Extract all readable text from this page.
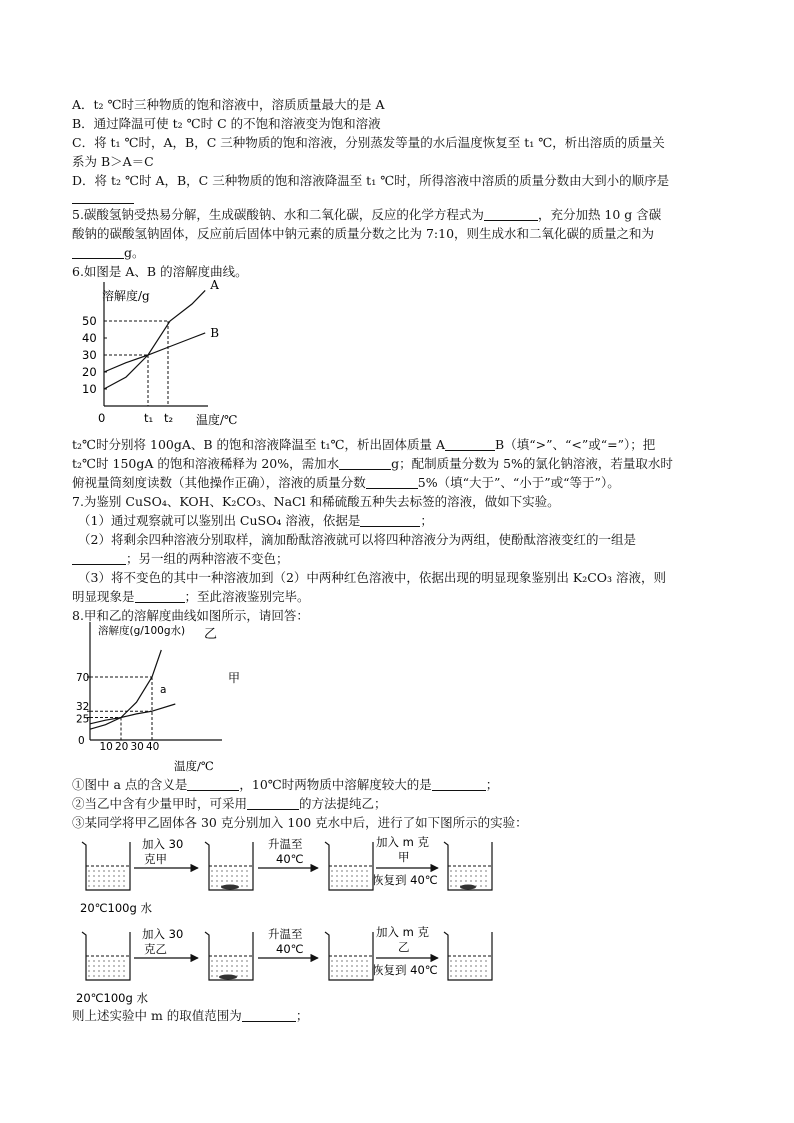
A．t₂ ℃时三种物质的饱和溶液中，溶质质量最大的是 A
B．通过降温可使 t₂ ℃时 C 的不饱和溶液变为饱和溶液
C．将 t₁ ℃时，A，B，C 三种物质的饱和溶液，分别蒸发等量的水后温度恢复至 t₁ ℃，析出溶质的质量关
系为 B＞A＝C
D．将 t₂ ℃时 A，B，C 三种物质的饱和溶液降温至 t₁ ℃时，所得溶液中溶质的质量分数由大到小的顺序是
5.碳酸氢钠受热易分解，生成碳酸钠、水和二氧化碳，反应的化学方程式为	，充分加热 10 g 含碳
酸钠的碳酸氢钠固体，反应前后固体中钠元素的质量分数之比为 7:10，则生成水和二氧化碳的质量之和为
g。
6.如图是 A、B 的溶解度曲线。
溶解度/g
温度/℃
50
40
30
20
10
0	t₁ t₂
A
B
t₂℃时分别将 100gA、B 的饱和溶液降温至 t₁℃，析出固体质量 A	B（填“>”、“<”或“=”）；把
t₂℃时 150gA 的饱和溶液稀释为 20%，需加水	g；配制质量分数为 5%的氯化钠溶液，若量取水时
俯视量筒刻度读数（其他操作正确），溶液的质量分数	5%（填“大于”、“小于”或“等于”）。
7.为鉴别 CuSO₄、KOH、K₂CO₃、NaCl 和稀硫酸五种失去标签的溶液，做如下实验。
（1）通过观察就可以鉴别出 CuSO₄ 溶液，依据是	；
（2）将剩余四种溶液分别取样，滴加酚酞溶液就可以将四种溶液分为两组，使酚酞溶液变红的一组是
；另一组的两种溶液不变色；
（3）将不变色的其中一种溶液加到（2）中两种红色溶液中，依据出现的明显现象鉴别出 K₂CO₃ 溶液，则
明显现象是	；至此溶液鉴别完毕。
8.甲和乙的溶解度曲线如图所示，请回答：
溶解度(g/100g水)
温度/℃
70
32
25
0 10 20 30 40
乙
甲
a
①图中 a 点的含义是	，10℃时两物质中溶解度较大的是	；
②当乙中含有少量甲时，可采用	的方法提纯乙；
③某同学将甲乙固体各 30 克分别加入 100 克水中后，进行了如下图所示的实验：
加入 30
克甲
升温至
40℃
加入 m 克
甲
恢复到 40℃
20℃100g 水
加入 30
克乙
升温至
40℃
加入 m 克
乙
恢复到 40℃
20℃100g 水
则上述实验中 m 的取值范围为	；
